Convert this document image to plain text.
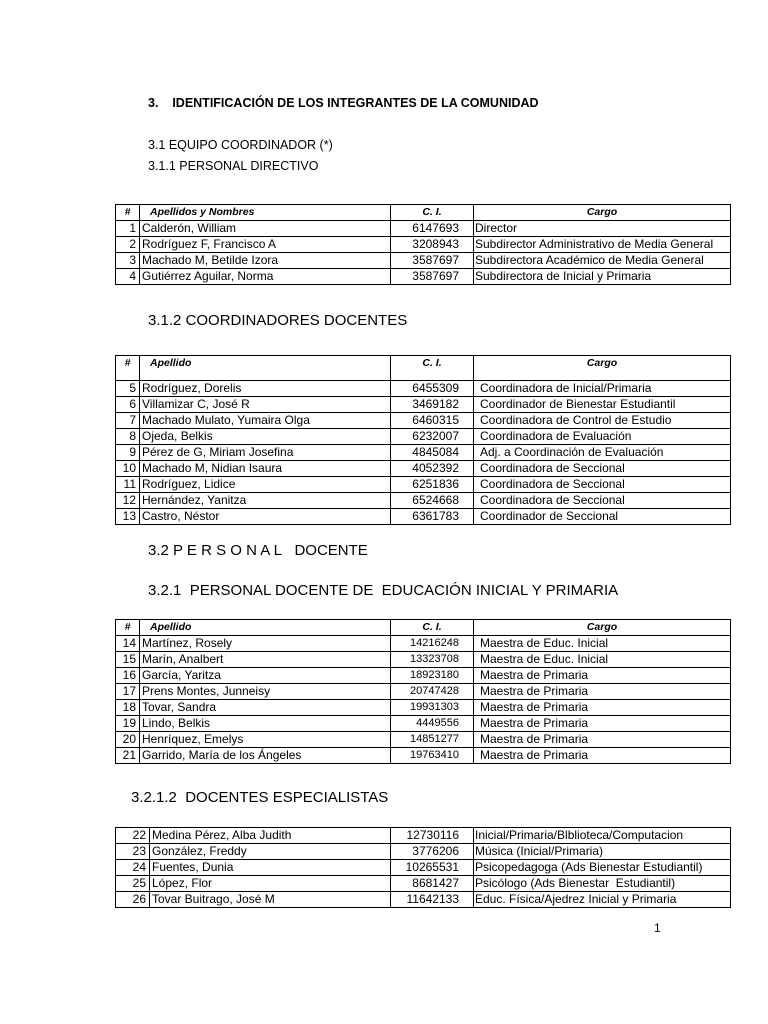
3.    IDENTIFICACIÓN DE LOS INTEGRANTES DE LA COMUNIDAD
3.1 EQUIPO COORDINADOR (*)
3.1.1 PERSONAL DIRECTIVO
#	Apellidos y Nombres	C. I.	Cargo
1	Calderón, William	6147693	Director
2	Rodríguez F, Francisco A	3208943	Subdirector Administrativo de Media General
3	Machado M, Betilde Izora	3587697	Subdirectora Académico de Media General
4	Gutiérrez Aguilar, Norma	3587697	Subdirectora de Inicial y Primaria
3.1.2 COORDINADORES DOCENTES
#	Apellido	C. I.	Cargo
5	Rodríguez, Dorelis	6455309	Coordinadora de Inicial/Primaria
6	Villamizar C, José R	3469182	Coordinador de Bienestar Estudiantil
7	Machado Mulato, Yumaira Olga	6460315	Coordinadora de Control de Estudio
8	Ojeda, Belkis	6232007	Coordinadora de Evaluación
9	Pérez de G, Miriam Josefina	4845084	Adj. a Coordinación de Evaluación
10	Machado M, Nidian Isaura	4052392	Coordinadora de Seccional
11	Rodríguez, Lidice	6251836	Coordinadora de Seccional
12	Hernández, Yanitza	6524668	Coordinadora de Seccional
13	Castro, Néstor	6361783	Coordinador de Seccional
3.2 P E R S O N A L   DOCENTE
3.2.1  PERSONAL DOCENTE DE  EDUCACIÓN INICIAL Y PRIMARIA
#	Apellido	C. I.	Cargo
14	Martínez, Rosely	14216248	Maestra de Educ. Inicial
15	Marín, Analbert	13323708	Maestra de Educ. Inicial
16	García, Yaritza	18923180	Maestra de Primaria
17	Prens Montes, Junneisy	20747428	Maestra de Primaria
18	Tovar, Sandra	19931303	Maestra de Primaria
19	Lindo, Belkis	4449556	Maestra de Primaria
20	Henríquez, Emelys	14851277	Maestra de Primaria
21	Garrido, María de los Ángeles	19763410	Maestra de Primaria
3.2.1.2  DOCENTES ESPECIALISTAS
22	Medina Pérez, Alba Judith	12730116	Inicial/Primaria/Blblioteca/Computacion
23	González, Freddy	3776206	Música (Inicial/Primaria)
24	Fuentes, Dunia	10265531	Psicopedagoga (Ads Bienestar Estudiantil)
25	López, Flor	8681427	Psicólogo (Ads Bienestar  Estudiantil)
26	Tovar Buitrago, José M	11642133	Educ. Física/Ajedrez Inicial y Primaria
1
